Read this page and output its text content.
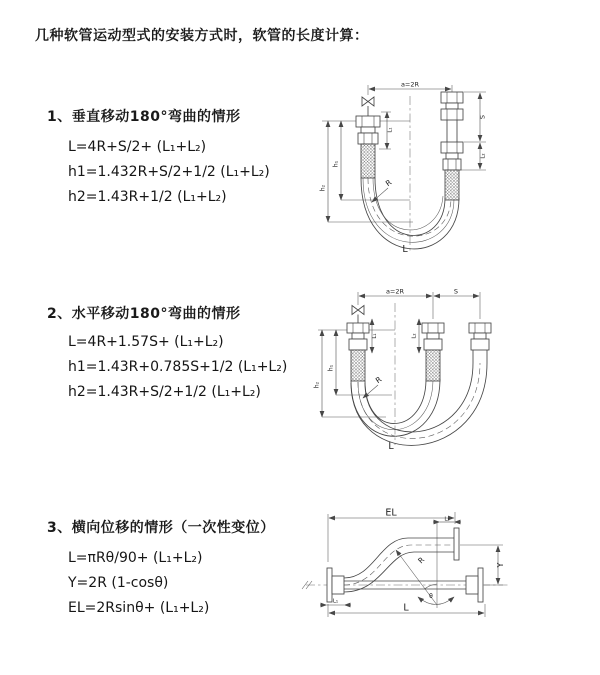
几种软管运动型式的安装方式时，软管的长度计算：
1、垂直移动180°弯曲的情形
L=4R+S/2+ (L₁+L₂)
h1=1.432R+S/2+1/2 (L₁+L₂)
h2=1.43R+1/2 (L₁+L₂)
2、水平移动180°弯曲的情形
L=4R+1.57S+ (L₁+L₂)
h1=1.43R+0.785S+1/2 (L₁+L₂)
h2=1.43R+S/2+1/2 (L₁+L₂)
3、横向位移的情形（一次性变位）
L=πRθ/90+ (L₁+L₂)
Y=2R (1-cosθ)
EL=2Rsinθ+ (L₁+L₂)
a=2R
S
L₁
L₂
h₁
h₂	R
L
a=2R	S
L₁	L₂
h₁
h₂	R
L
EL
L₂
Y
L₁
L
R
θ
